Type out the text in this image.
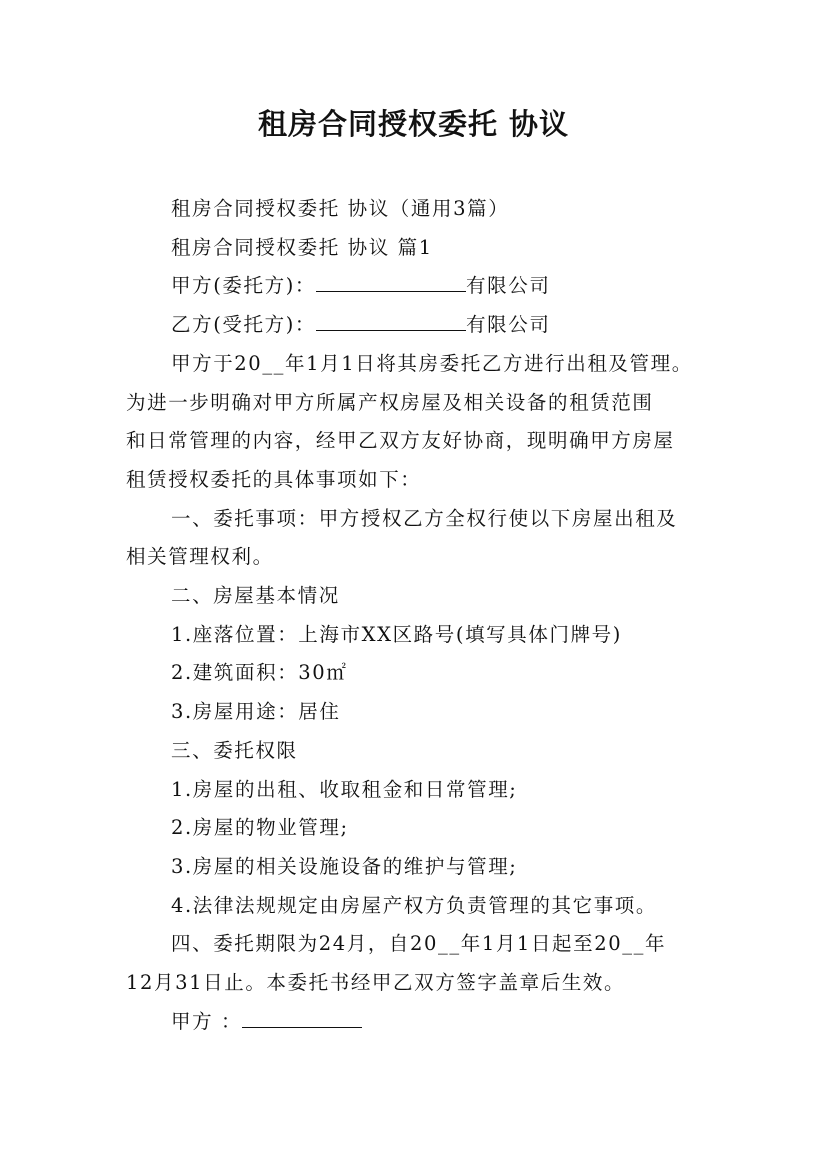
租房合同授权委托 协议
租房合同授权委托 协议（通用3篇）
租房合同授权委托 协议 篇1
甲方(委托方)：	有限公司
乙方(受托方)：	有限公司
甲方于20__年1月1日将其房委托乙方进行出租及管理。
为进一步明确对甲方所属产权房屋及相关设备的租赁范围
和日常管理的内容，经甲乙双方友好协商，现明确甲方房屋
租赁授权委托的具体事项如下：
一、委托事项：甲方授权乙方全权行使以下房屋出租及
相关管理权利。
二、房屋基本情况
1.座落位置：上海市XX区路号(填写具体门牌号)
2.建筑面积：30㎡
3.房屋用途：居住
三、委托权限
1.房屋的出租、收取租金和日常管理;
2.房屋的物业管理;
3.房屋的相关设施设备的维护与管理;
4.法律法规规定由房屋产权方负责管理的其它事项。
四、委托期限为24月，自20__年1月1日起至20__年
12月31日止。本委托书经甲乙双方签字盖章后生效。
甲方 ：
